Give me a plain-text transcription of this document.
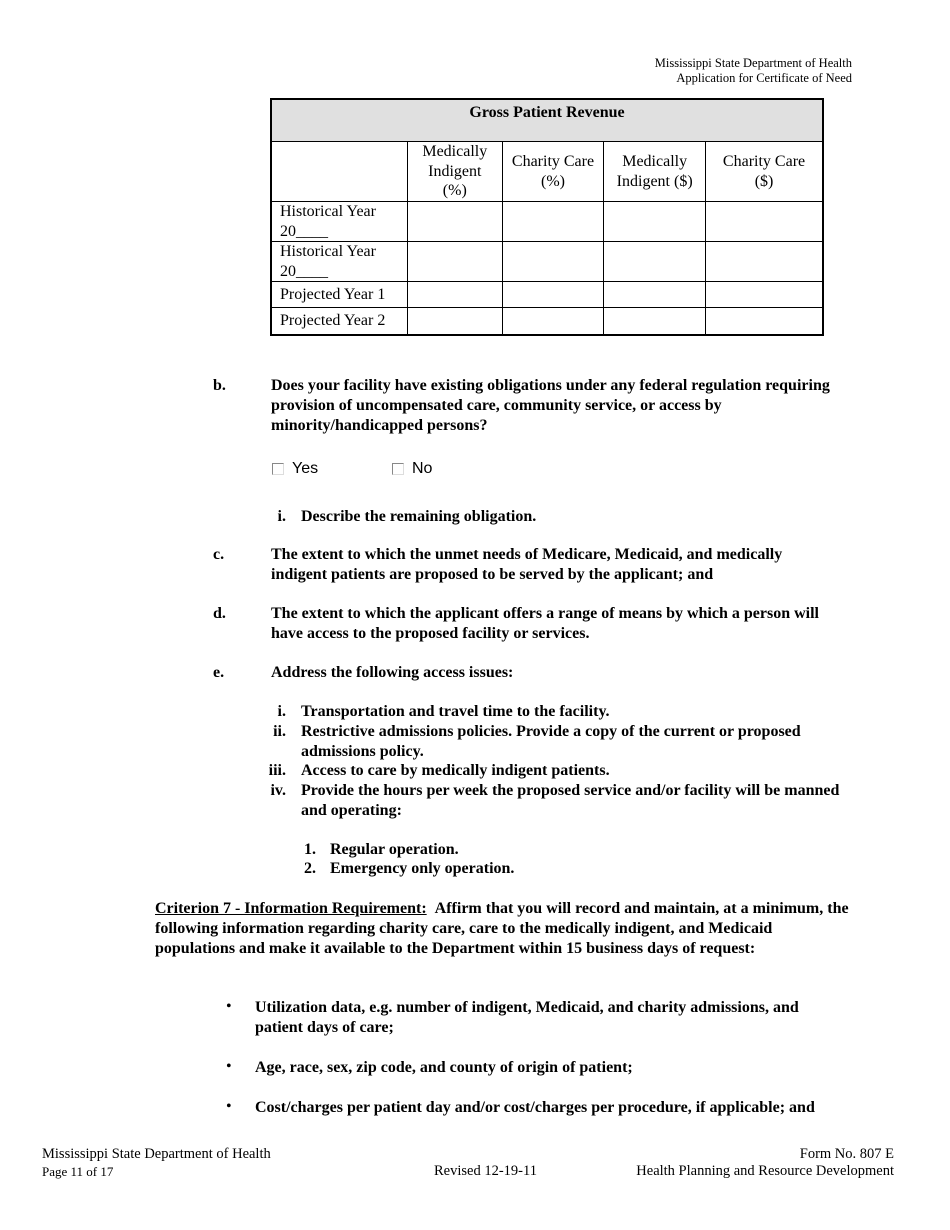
Mississippi State Department of Health
Application for Certificate of Need
Gross Patient Revenue				
	Medically Indigent (%)	Charity Care (%)	Medically Indigent ($)	Charity Care ($)
Historical Year 20____				
Historical Year 20____				
Projected Year 1				
Projected Year 2				
b.	Does your facility have existing obligations under any federal regulation requiring provision of uncompensated care, community service, or access by minority/handicapped persons?
Yes	No
i. Describe the remaining obligation.
c.	The extent to which the unmet needs of Medicare, Medicaid, and medically indigent patients are proposed to be served by the applicant; and
d.	The extent to which the applicant offers a range of means by which a person will have access to the proposed facility or services.
e.	Address the following access issues:
i. Transportation and travel time to the facility.
ii. Restrictive admissions policies. Provide a copy of the current or proposed admissions policy.
iii. Access to care by medically indigent patients.
iv. Provide the hours per week the proposed service and/or facility will be manned and operating:
1. Regular operation.
2. Emergency only operation.
Criterion 7 - Information Requirement: Affirm that you will record and maintain, at a minimum, the following information regarding charity care, care to the medically indigent, and Medicaid populations and make it available to the Department within 15 business days of request:
• Utilization data, e.g. number of indigent, Medicaid, and charity admissions, and patient days of care;
• Age, race, sex, zip code, and county of origin of patient;
• Cost/charges per patient day and/or cost/charges per procedure, if applicable; and
Mississippi State Department of Health
Page 11 of 17	Revised 12-19-11
Form No. 807 E
Health Planning and Resource Development
